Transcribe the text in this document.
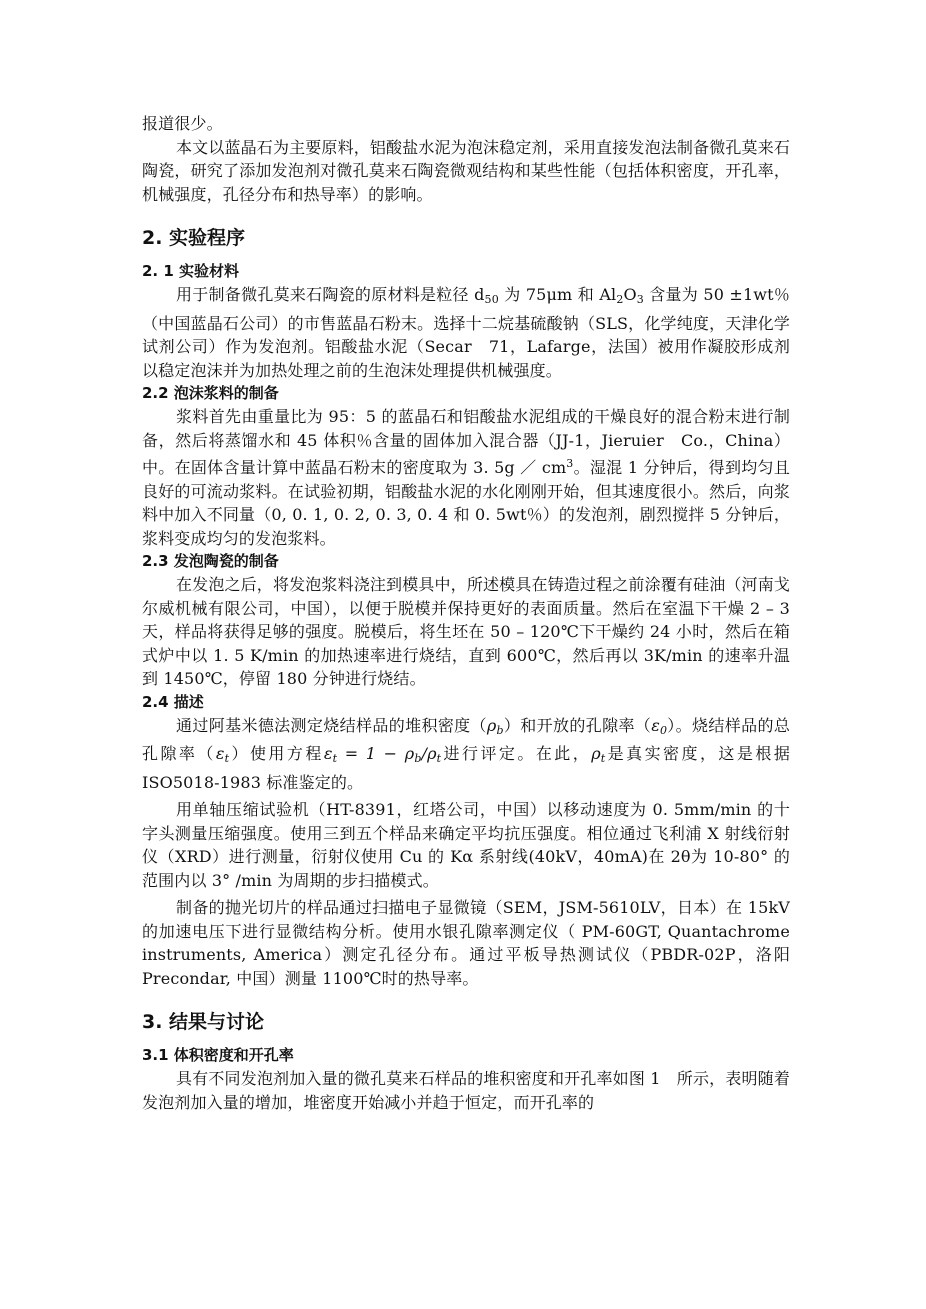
报道很少。

本文以蓝晶石为主要原料，铝酸盐水泥为泡沫稳定剂，采用直接发泡法制备微孔莫来石陶瓷，研究了添加发泡剂对微孔莫来石陶瓷微观结构和某些性能（包括体积密度，开孔率，机械强度，孔径分布和热导率）的影响。

2. 实验程序
2. 1 实验材料

用于制备微孔莫来石陶瓷的原材料是粒径 $d_{50}$ 为 75μm 和 $Al_2O_3$ 含量为 50 ±1wt％（中国蓝晶石公司）的市售蓝晶石粉末。选择十二烷基硫酸钠（SLS，化学纯度，天津化学试剂公司）作为发泡剂。铝酸盐水泥（Secar　71，Lafarge，法国）被用作凝胶形成剂以稳定泡沫并为加热处理之前的生泡沫处理提供机械强度。

2.2 泡沫浆料的制备

浆料首先由重量比为 95：5 的蓝晶石和铝酸盐水泥组成的干燥良好的混合粉末进行制备，然后将蒸馏水和 45 体积％含量的固体加入混合器（JJ-1，Jieruier　Co.，China）中。在固体含量计算中蓝晶石粉末的密度取为 3. 5g ／ $cm^3$。湿混 1 分钟后，得到均匀且良好的可流动浆料。在试验初期，铝酸盐水泥的水化刚刚开始，但其速度很小。然后，向浆料中加入不同量（0, 0. 1, 0. 2, 0. 3, 0. 4 和 0. 5wt％）的发泡剂，剧烈搅拌 5 分钟后，浆料变成均匀的发泡浆料。

2.3 发泡陶瓷的制备

在发泡之后，将发泡浆料浇注到模具中，所述模具在铸造过程之前涂覆有硅油（河南戈尔威机械有限公司，中国），以便于脱模并保持更好的表面质量。然后在室温下干燥 2 – 3 天，样品将获得足够的强度。脱模后，将生坯在 50 – 120℃下干燥约 24 小时，然后在箱式炉中以 1. 5 K/min 的加热速率进行烧结，直到 600℃，然后再以 3K/min 的速率升温到 1450℃，停留 180 分钟进行烧结。

2.4 描述

通过阿基米德法测定烧结样品的堆积密度$(\rho_b)$和开放的孔隙率$(\varepsilon_0)$。烧结样品的总孔隙率$(\varepsilon_t)$使用方程$\varepsilon_t = 1 - \rho_b/\rho_t$进行评定。在此，$\rho_t$是真实密度，这是根据 ISO5018-1983 标准鉴定的。

用单轴压缩试验机（HT-8391，红塔公司，中国）以移动速度为 0. 5mm/min 的十字头测量压缩强度。使用三到五个样品来确定平均抗压强度。相位通过飞利浦 X 射线衍射仪（XRD）进行测量，衍射仪使用 Cu 的 Kα 系射线(40kV，40mA)在 2θ为 10-80° 的范围内以 3° /min 为周期的步扫描模式。

制备的抛光切片的样品通过扫描电子显微镜（SEM，JSM-5610LV，日本）在 15kV 的加速电压下进行显微结构分析。使用水银孔隙率测定仪（ PM-60GT, Quantachrome instruments, America）测定孔径分布。通过平板导热测试仪（PBDR-02P，洛阳 Precondar, 中国）测量 1100℃时的热导率。

3. 结果与讨论
3.1 体积密度和开孔率

具有不同发泡剂加入量的微孔莫来石样品的堆积密度和开孔率如图 1　所示，表明随着发泡剂加入量的增加，堆密度开始减小并趋于恒定，而开孔率的
